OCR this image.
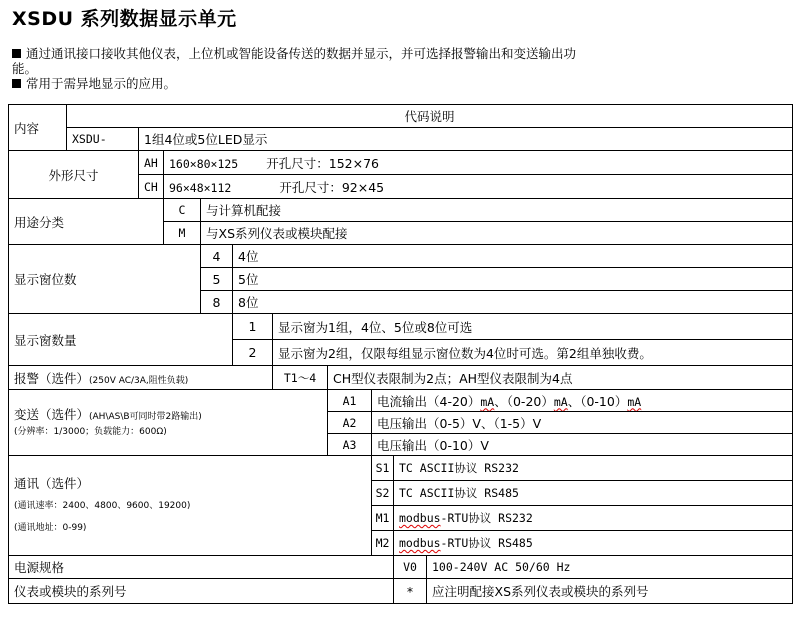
XSDU 系列数据显示单元

通过通讯接口接收其他仪表，上位机或智能设备传送的数据并显示，并可选择报警输出和变送输出功

能。

常用于需异地显示的应用。

内容	代码说明									
	XSDU-	1组4位或5位LED显示								
外形尺寸		AH	160×80×125 开孔尺寸：152×76							
		CH	96×48×112 开孔尺寸：92×45							
用途分类			C	与计算机配接						
			M	与XS系列仪表或模块配接						
显示窗位数				4	4位					
				5	5位					
				8	8位					
显示窗数量					1	显示窗为1组，4位、5位或8位可选				
					2	显示窗为2组，仅限每组显示窗位数为4位时可选。第2组单独收费。				
报警（选件）(250V AC/3A,阻性负载)						T1～4	CH型仪表限制为2点；AH型仪表限制为4点			
变送（选件）(AH\AS\B可同时带2路输出)
(分辨率：1/3000；负载能力：600Ω)							A1	电流输出（4-20）mA、（0-20）mA、（0-10）mA		
							A2	电压输出（0-5）V、（1-5）V		
							A3	电压输出（0-10）V		

通讯（选件）
(通讯速率：2400、4800、9600、19200)
(通讯地址：0-99)								S1	TC ASCII协议 RS232	
								S2	TC ASCII协议 RS485	
								M1	modbus-RTU协议 RS232	
								M2	modbus-RTU协议 RS485	
电源规格									V0	100-240V AC 50/60 Hz
仪表或模块的系列号									*	应注明配接XS系列仪表或模块的系列号
